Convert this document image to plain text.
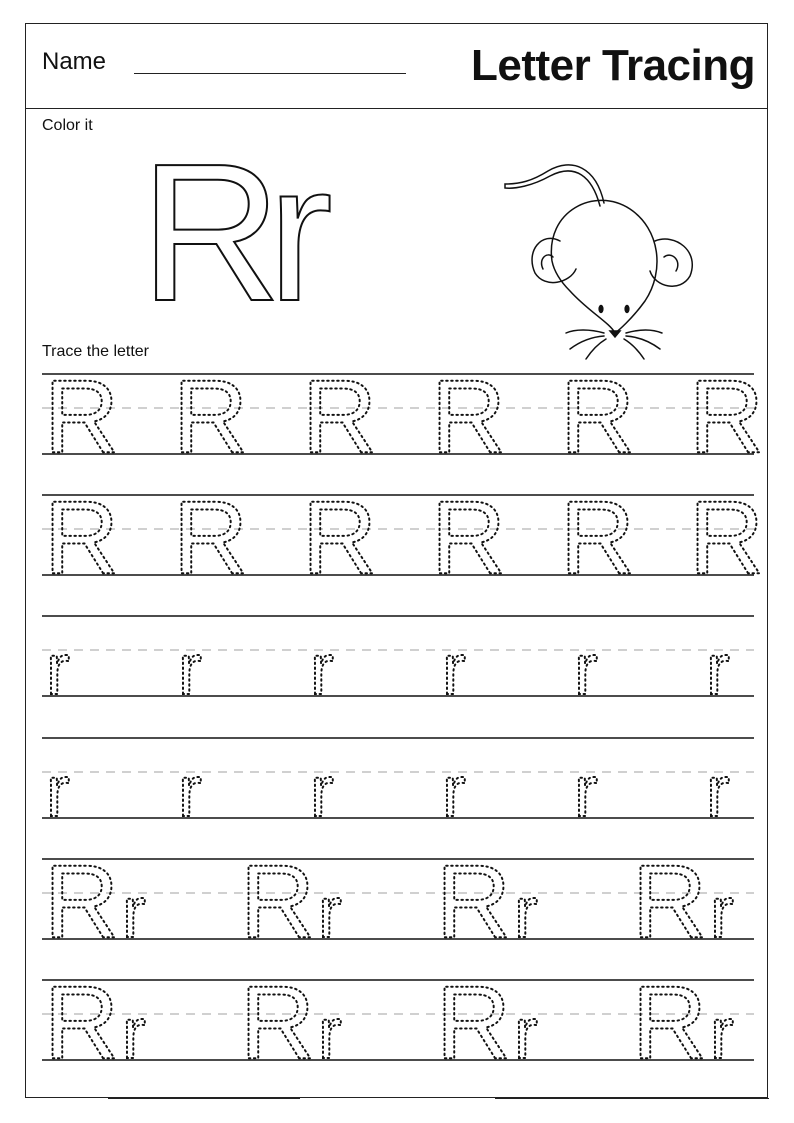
Name	Letter Tracing
Color it Rr
Trace the letter
R R R R R R
R R R R R R
r r r r r r
r r r r r r
R r R r R r R r
R r R r R r R r
